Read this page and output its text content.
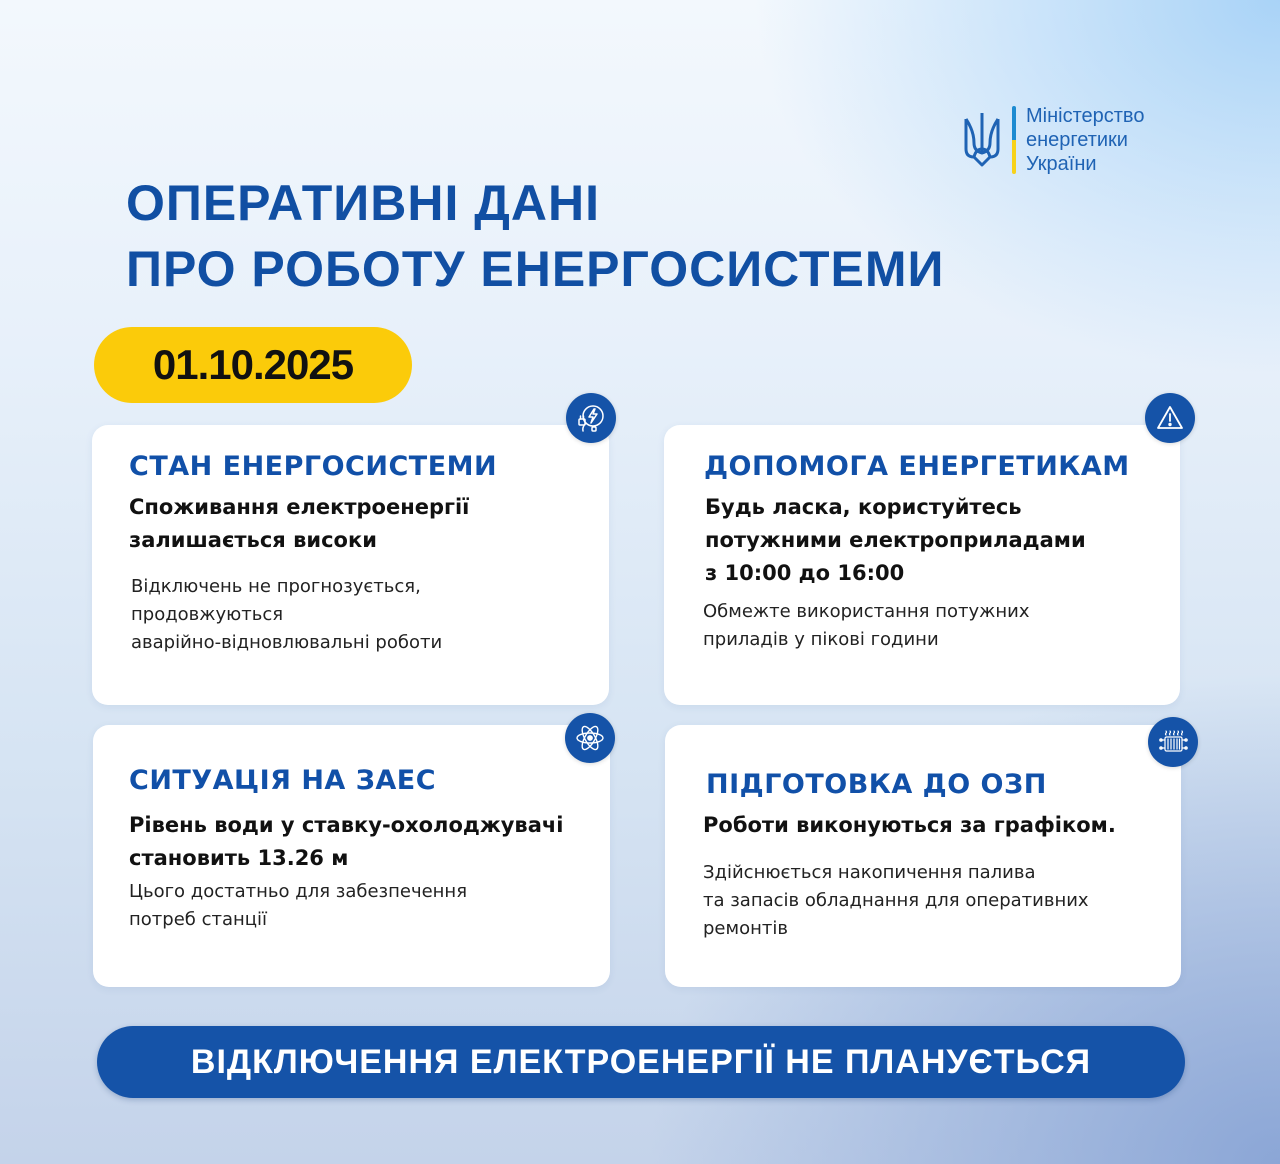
Міністерство
енергетики
України
ОПЕРАТИВНІ ДАНІ
ПРО РОБОТУ ЕНЕРГОСИСТЕМИ
01.10.2025
СТАН ЕНЕРГОСИСТЕМИ
Споживання електроенергії
залишається високи
Відключень не прогнозується,
продовжуються
аварійно-відновлювальні роботи
ДОПОМОГА ЕНЕРГЕТИКАМ
Будь ласка, користуйтесь
потужними електроприладами
з 10:00 до 16:00
Обмежте використання потужних
приладів у пікові години
СИТУАЦІЯ НА ЗАЕС
Рівень води у ставку-охолоджувачі
становить 13.26 м
Цього достатньо для забезпечення
потреб станції
ПІДГОТОВКА ДО ОЗП
Роботи виконуються за графіком.
Здійснюється накопичення палива
та запасів обладнання для оперативних
ремонтів
ВІДКЛЮЧЕННЯ ЕЛЕКТРОЕНЕРГІЇ НЕ ПЛАНУЄТЬСЯ
